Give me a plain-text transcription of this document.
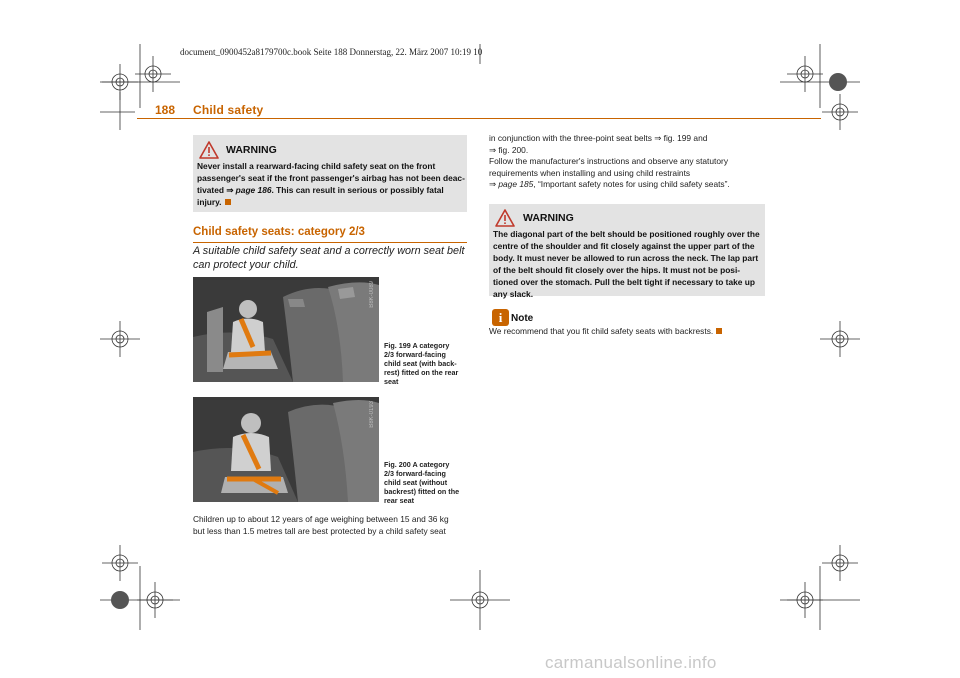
document_0900452a8179700c.book Seite 188 Donnerstag, 22. März 2007 10:19 10
188 Child safety
WARNING
Never install a rearward-facing child safety seat on the front
passenger's seat if the front passenger's airbag has not been deac-
tivated ⇒ page 186. This can result in serious or possibly fatal
injury.
Child safety seats: category 2/3
A suitable child safety seat and a correctly worn seat belt
can protect your child.
B8K-0089
Fig. 199 A category
2/3 forward-facing
child seat (with back-
rest) fitted on the rear
seat
B8K-0193
Fig. 200 A category
2/3 forward-facing
child seat (without
backrest) fitted on the
rear seat
Children up to about 12 years of age weighing between 15 and 36 kg
but less than 1.5 metres tall are best protected by a child safety seat
in conjunction with the three-point seat belts ⇒ fig. 199 and
⇒ fig. 200.
Follow the manufacturer's instructions and observe any statutory
requirements when installing and using child restraints
⇒ page 185, “Important safety notes for using child safety seats”.
WARNING
The diagonal part of the belt should be positioned roughly over the
centre of the shoulder and fit closely against the upper part of the
body. It must never be allowed to run across the neck. The lap part
of the belt should fit closely over the hips. It must not be posi-
tioned over the stomach. Pull the belt tight if necessary to take up
any slack.
i Note
We recommend that you fit child safety seats with backrests.
carmanualsonline.info
